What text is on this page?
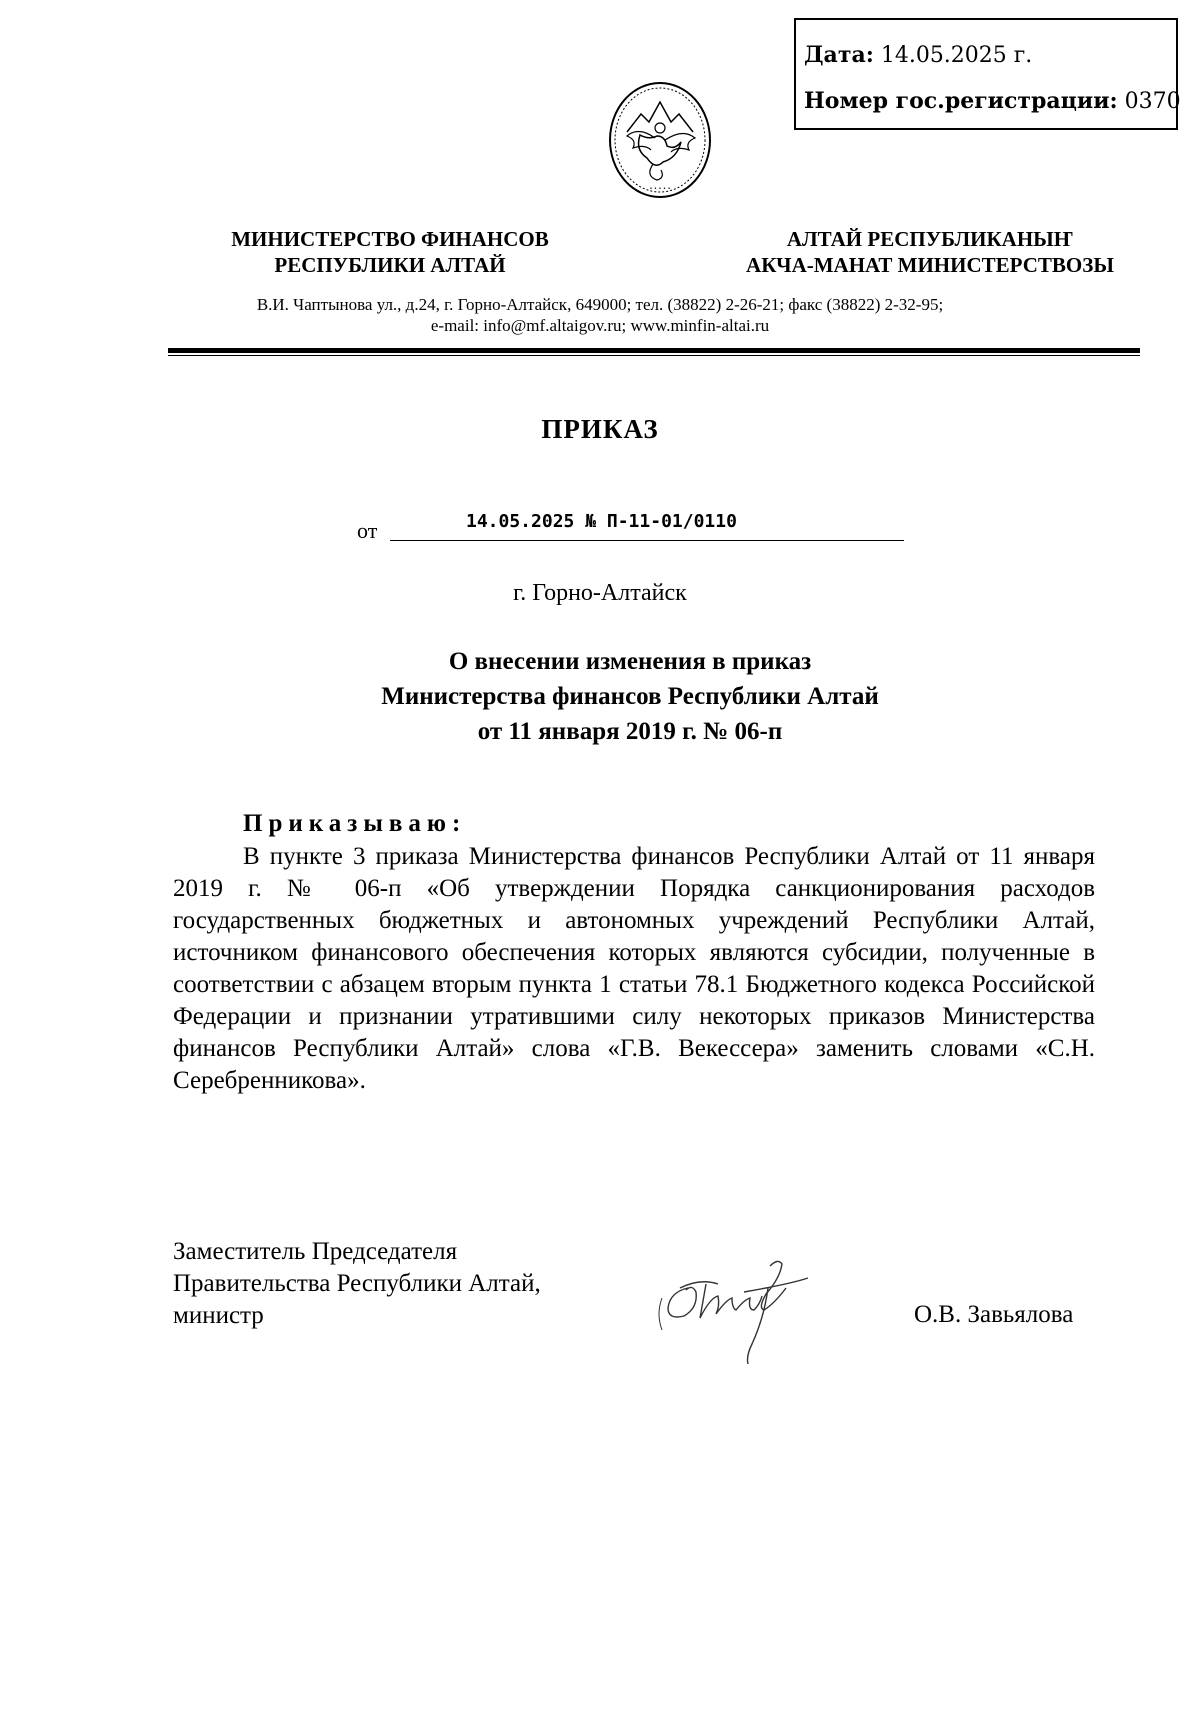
Дата: 14.05.2025 г.
Номер гос.регистрации: 0370
• • • • •
МИНИСТЕРСТВО ФИНАНСОВ
РЕСПУБЛИКИ АЛТАЙ
АЛТАЙ РЕСПУБЛИКАНЫҤ
АКЧА-МАНАТ МИНИСТЕРСТВОЗЫ
В.И. Чаптынова ул., д.24, г. Горно-Алтайск, 649000; тел. (38822) 2-26-21; факс (38822) 2-32-95;
e-mail: info@mf.altaigov.ru; www.minfin-altai.ru
ПРИКАЗ
от	14.05.2025 № П-11-01/0110
г. Горно-Алтайск
О внесении изменения в приказ
Министерства финансов Республики Алтай
от 11 января 2019 г. № 06-п
Приказываю:

В пункте 3 приказа Министерства финансов Республики Алтай от 11 января 2019 г. № 06-п «Об утверждении Порядка санкционирования расходов государственных бюджетных и автономных учреждений Республики Алтай, источником финансового обеспечения которых являются субсидии, полученные в соответствии с абзацем вторым пункта 1 статьи 78.1 Бюджетного кодекса Российской Федерации и признании утратившими силу некоторых приказов Министерства финансов Республики Алтай» слова «Г.В. Векессера» заменить словами «С.Н. Серебренникова».

Заместитель Председателя
Правительства Республики Алтай,
министр	О.В. Завьялова
